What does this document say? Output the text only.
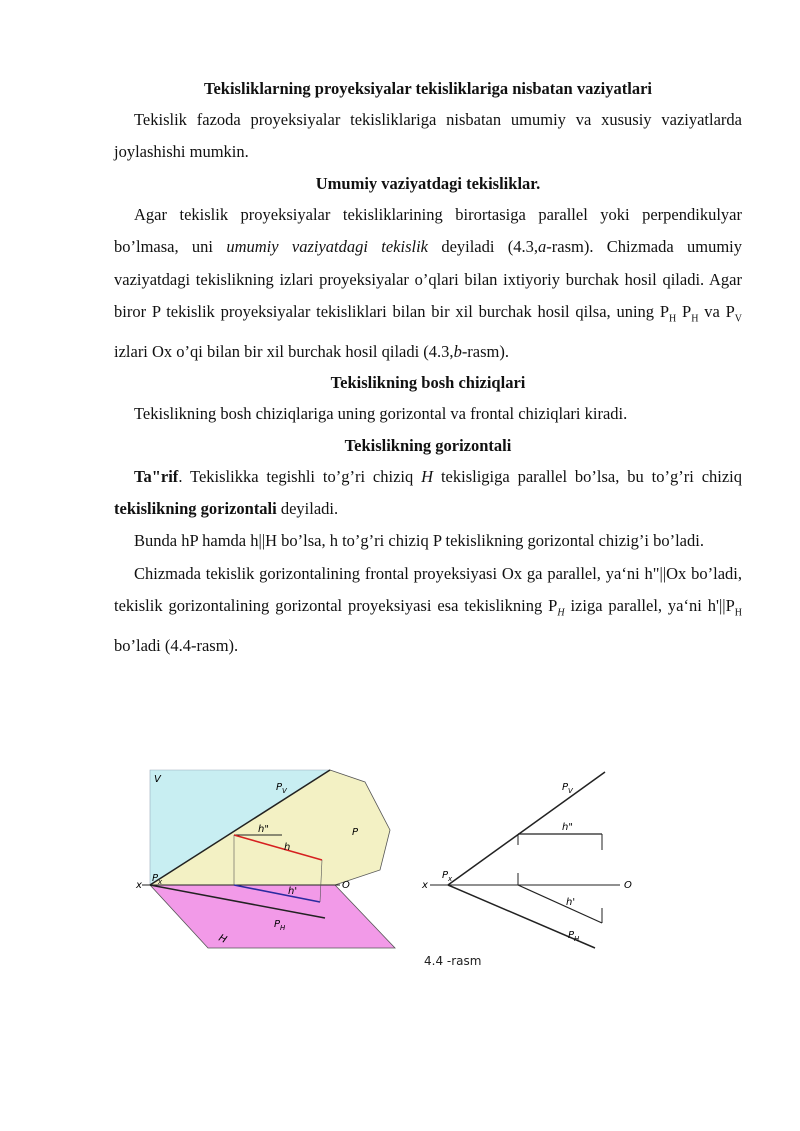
Tekisliklarning proyeksiyalar tekisliklariga nisbatan vaziyatlari

Tekislik fazoda proyeksiyalar tekisliklariga nisbatan umumiy va xususiy vaziyatlarda joylashishi mumkin.

Umumiy vaziyatdagi tekisliklar.

Agar tekislik proyeksiyalar tekisliklarining birortasiga parallel yoki perpendikulyar bo’lmasa, uni umumiy vaziyatdagi tekislik deyiladi (4.3,a-rasm). Chizmada umumiy vaziyatdagi tekislikning izlari proyeksiyalar o’qlari bilan ixtiyoriy burchak hosil qiladi. Agar biror P tekislik proyeksiyalar tekisliklari bilan bir xil burchak hosil qilsa, uning $P_H$ $P_H$ va $P_V$ izlari Ox o’qi bilan bir xil burchak hosil qiladi (4.3,b-rasm).

Tekislikning bosh chiziqlari

Tekislikning bosh chiziqlariga uning gorizontal va frontal chiziqlari kiradi.

Tekislikning gorizontali

Ta"rif. Tekislikka tegishli to’g’ri chiziq H tekisligiga parallel bo’lsa, bu to’g’ri chiziq tekislikning gorizontali deyiladi.

Bunda hP hamda h||H bo’lsa, h to’g’ri chiziq P tekislikning gorizontal chizig’i bo’ladi.

Chizmada tekislik gorizontalining frontal proyeksiyasi Ox ga parallel, ya‘ni h"||Ox bo’ladi, tekislik gorizontalining gorizontal proyeksiyasi esa tekislikning $P_H$ iziga parallel, ya‘ni $h'||P_H$ bo’ladi (4.4-rasm).

V
$P_V$
h"
h
P
x
$P_x$
h'
O
$P_H$
H
$P_V$
h"
x
$P_x$
O
h'
$P_H$
4.4 -rasm
